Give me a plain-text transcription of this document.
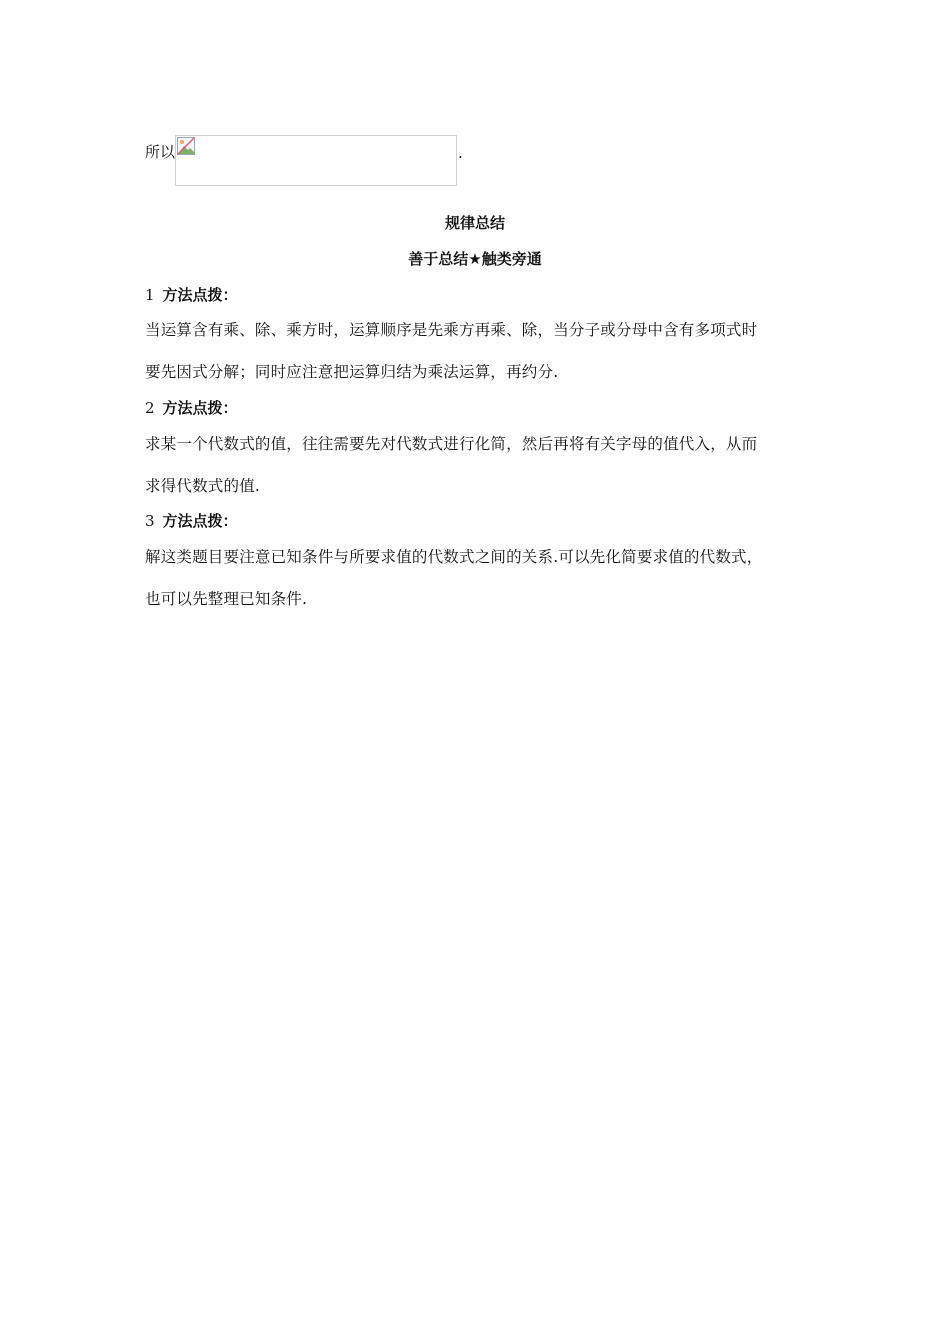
所以	.
规律总结
善于总结★触类旁通
1 方法点拨：
当运算含有乘、除、乘方时，运算顺序是先乘方再乘、除，当分子或分母中含有多项式时
要先因式分解；同时应注意把运算归结为乘法运算，再约分.
2 方法点拨：
求某一个代数式的值，往往需要先对代数式进行化简，然后再将有关字母的值代入，从而
求得代数式的值.
3 方法点拨：
解这类题目要注意已知条件与所要求值的代数式之间的关系.可以先化简要求值的代数式，
也可以先整理已知条件.
